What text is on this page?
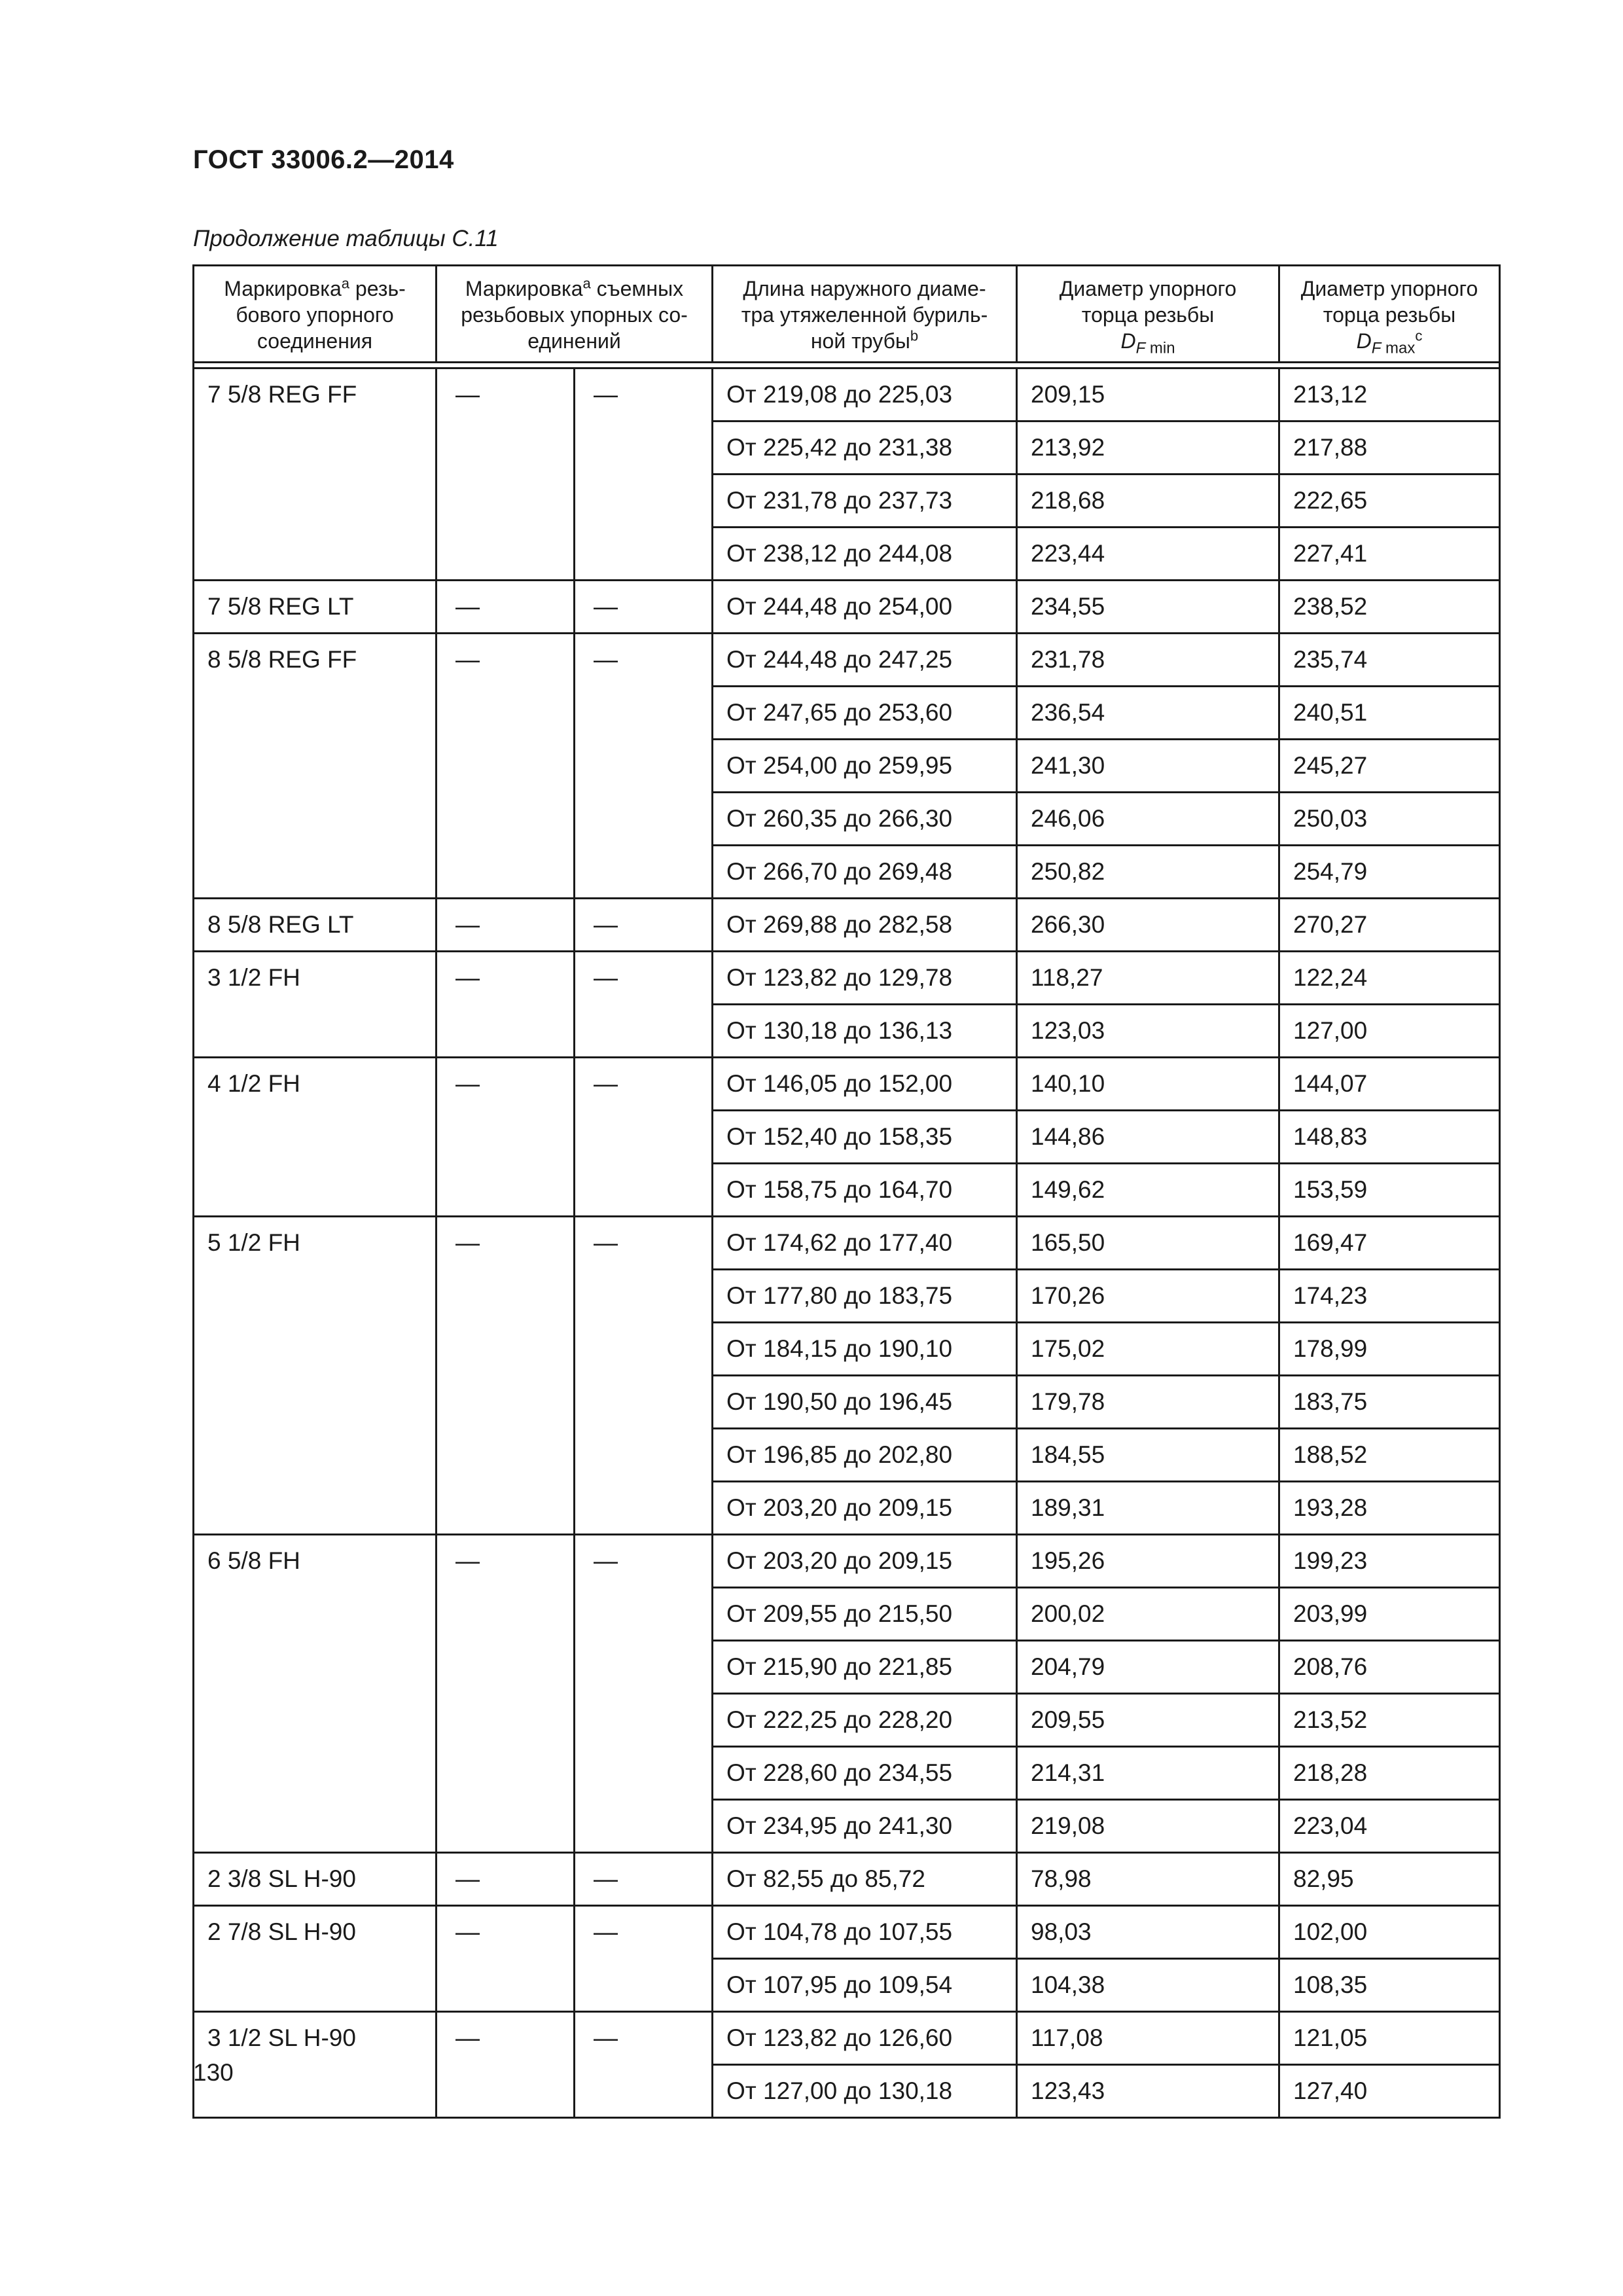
ГОСТ 33006.2—2014

Продолжение таблицы С.11

Маркировка$^a$ резь-
бового упорного
соединения	Маркировка$^a$ съемных
резьбовых упорных со-
единений		Длина наружного диаме-
тра утяжеленной буриль-
ной трубы$^b$	Диаметр упорного
торца резьбы
$D_{F min}$	Диаметр упорного
торца резьбы
$D_{F max}^c$

7 5/8 REG FF	—	—	От 219,08 до 225,03	209,15	213,12
			От 225,42 до 231,38	213,92	217,88
			От 231,78 до 237,73	218,68	222,65
			От 238,12 до 244,08	223,44	227,41
7 5/8 REG LT	—	—	От 244,48 до 254,00	234,55	238,52
8 5/8 REG FF	—	—	От 244,48 до 247,25	231,78	235,74
			От 247,65 до 253,60	236,54	240,51
			От 254,00 до 259,95	241,30	245,27
			От 260,35 до 266,30	246,06	250,03
			От 266,70 до 269,48	250,82	254,79
8 5/8 REG LT	—	—	От 269,88 до 282,58	266,30	270,27
3 1/2 FH	—	—	От 123,82 до 129,78	118,27	122,24
			От 130,18 до 136,13	123,03	127,00
4 1/2 FH	—	—	От 146,05 до 152,00	140,10	144,07
			От 152,40 до 158,35	144,86	148,83
			От 158,75 до 164,70	149,62	153,59
5 1/2 FH	—	—	От 174,62 до 177,40	165,50	169,47
			От 177,80 до 183,75	170,26	174,23
			От 184,15 до 190,10	175,02	178,99
			От 190,50 до 196,45	179,78	183,75
			От 196,85 до 202,80	184,55	188,52
			От 203,20 до 209,15	189,31	193,28
6 5/8 FH	—	—	От 203,20 до 209,15	195,26	199,23
			От 209,55 до 215,50	200,02	203,99
			От 215,90 до 221,85	204,79	208,76
			От 222,25 до 228,20	209,55	213,52
			От 228,60 до 234,55	214,31	218,28
			От 234,95 до 241,30	219,08	223,04
2 3/8 SL H-90	—	—	От 82,55 до 85,72	78,98	82,95
2 7/8 SL H-90	—	—	От 104,78 до 107,55	98,03	102,00
			От 107,95 до 109,54	104,38	108,35
3 1/2 SL H-90	—	—	От 123,82 до 126,60	117,08	121,05
			От 127,00 до 130,18	123,43	127,40

130
